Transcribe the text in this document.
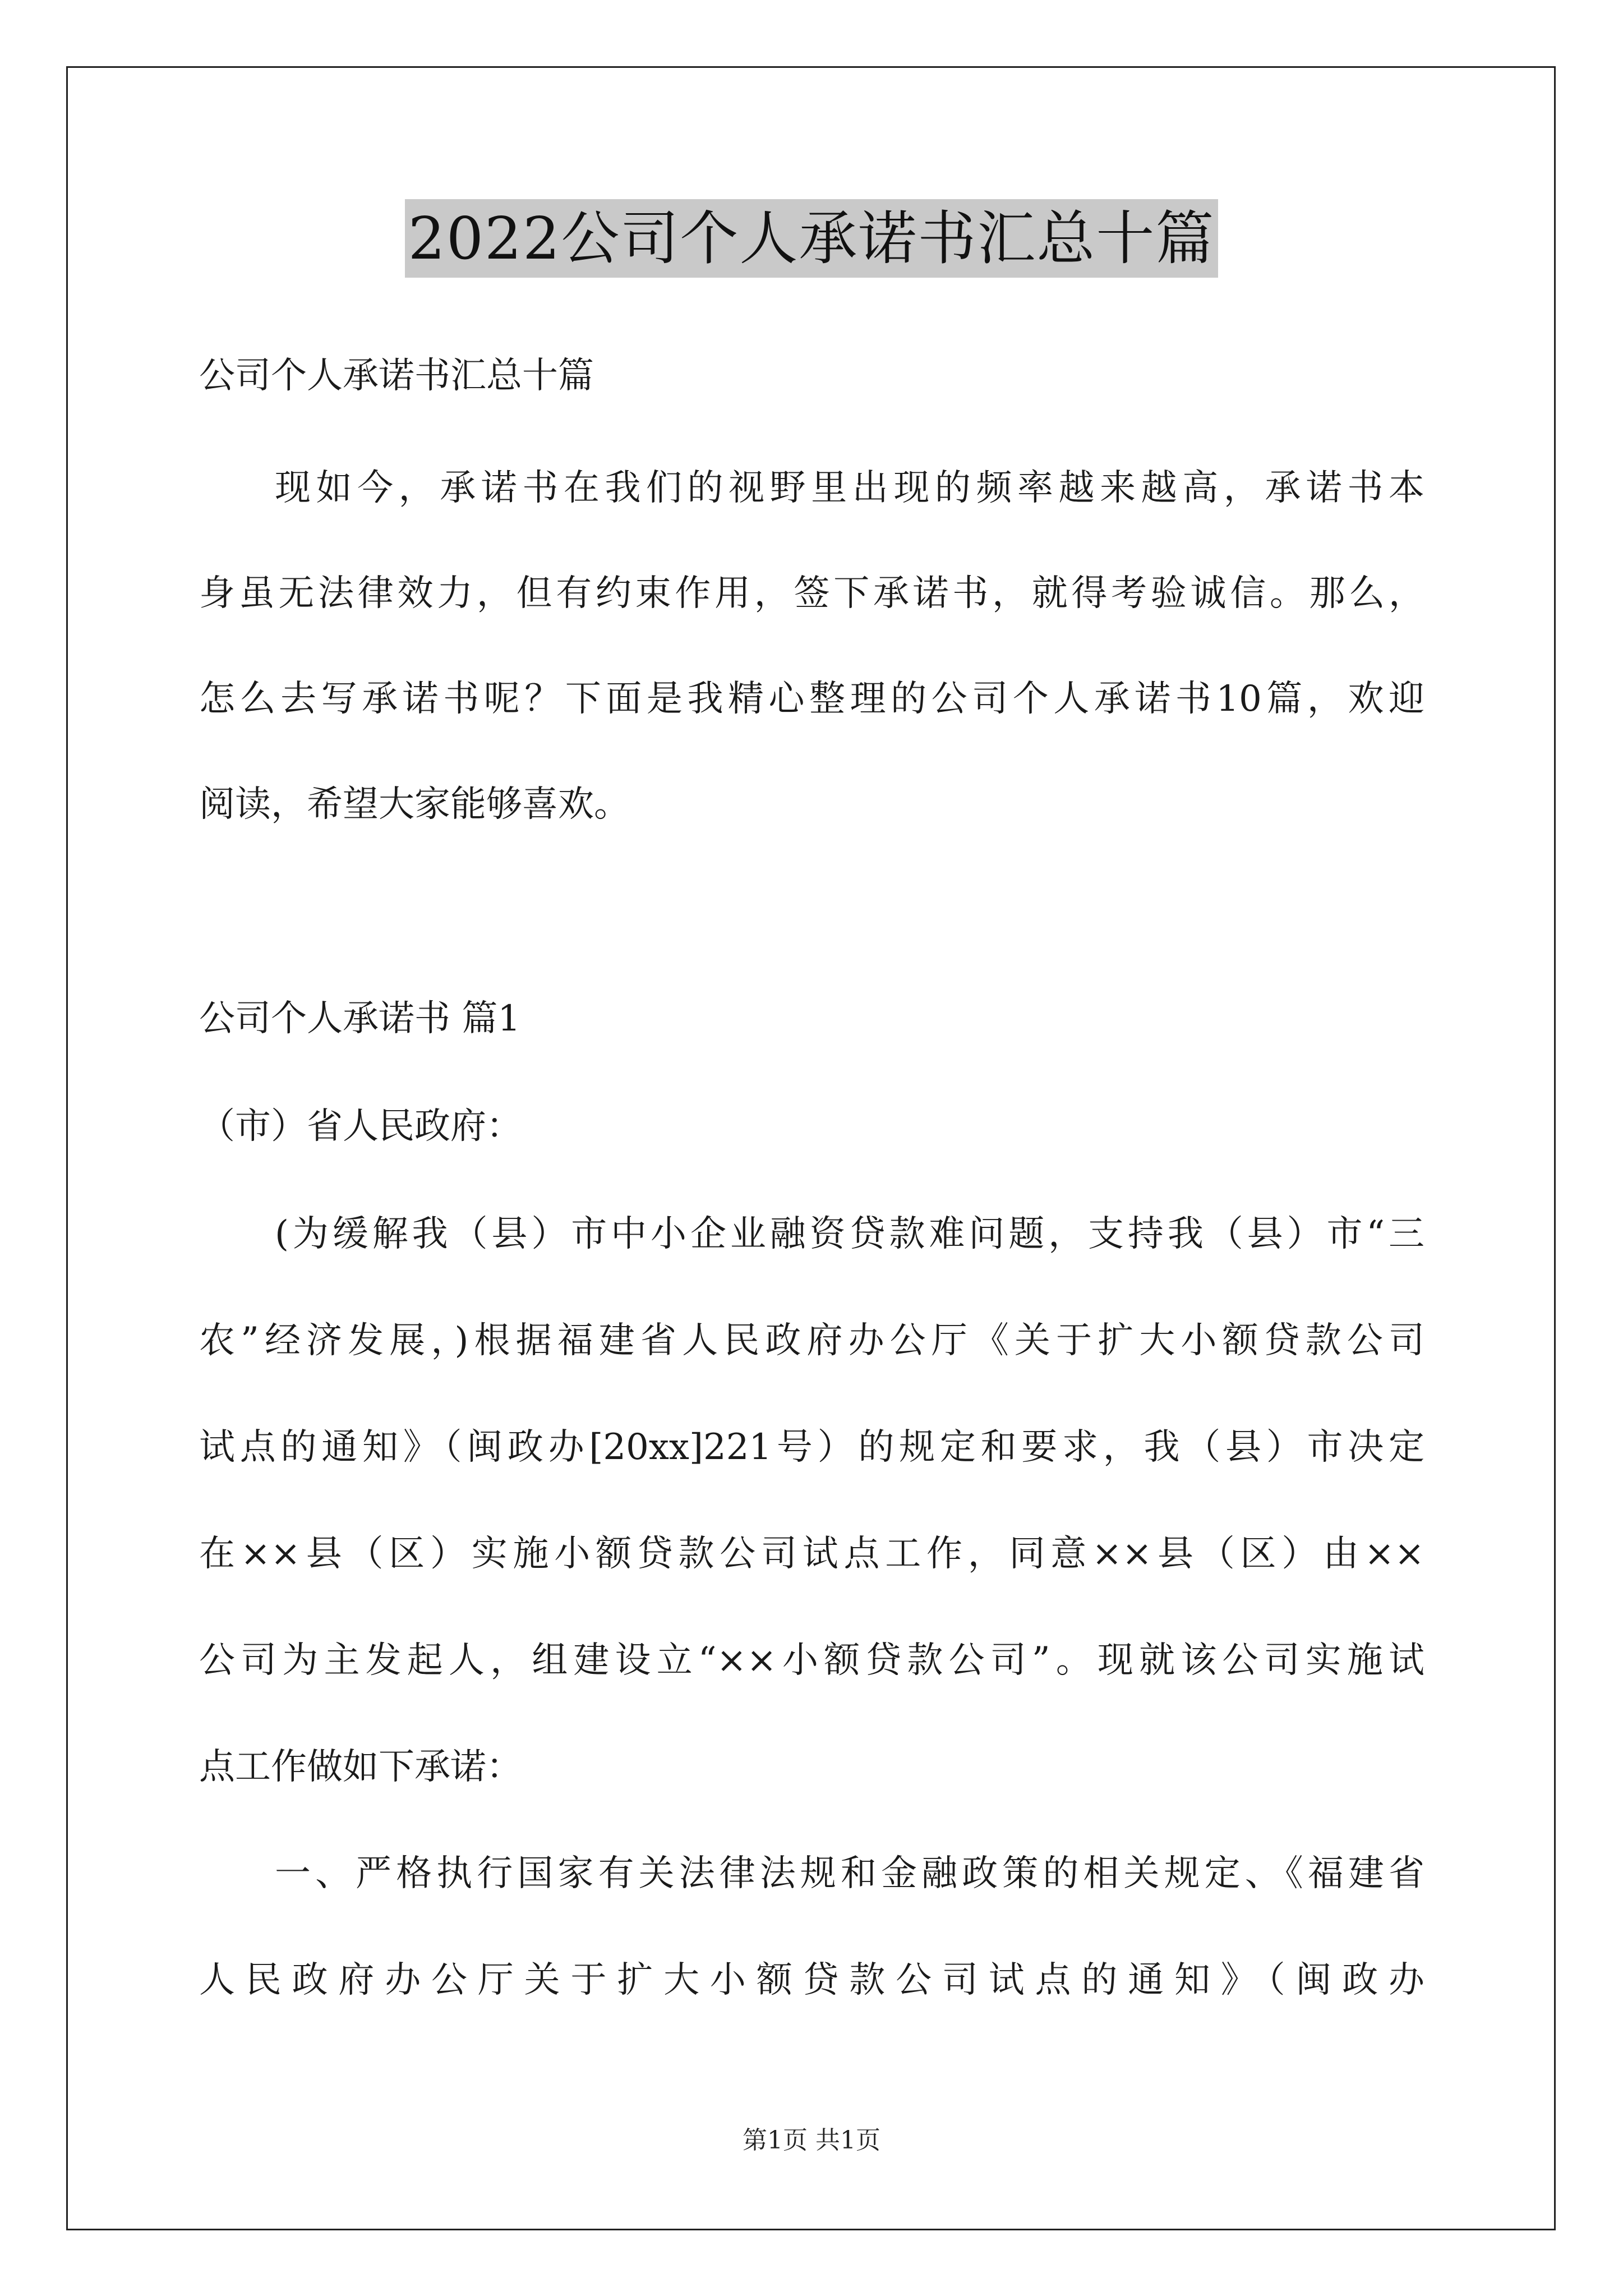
2022公司个人承诺书汇总十篇
公司个人承诺书汇总十篇
现如今，承诺书在我们的视野里出现的频率越来越高，承诺书本
身虽无法律效力，但有约束作用，签下承诺书，就得考验诚信。那么，
怎么去写承诺书呢？下面是我精心整理的公司个人承诺书10篇，欢迎
阅读，希望大家能够喜欢。
公司个人承诺书 篇1
（市）省人民政府：
(为缓解我（县）市中小企业融资贷款难问题，支持我（县）市“三
农”经济发展，)根据福建省人民政府办公厅《关于扩大小额贷款公司
试点的通知》（闽政办[20xx]221号）的规定和要求，我（县）市决定
在××县（区）实施小额贷款公司试点工作，同意××县（区）由××
公司为主发起人，组建设立“××小额贷款公司”。现就该公司实施试
点工作做如下承诺：
一、严格执行国家有关法律法规和金融政策的相关规定、《福建省
人民政府办公厅关于扩大小额贷款公司试点的通知》（闽政办
第1页 共1页
